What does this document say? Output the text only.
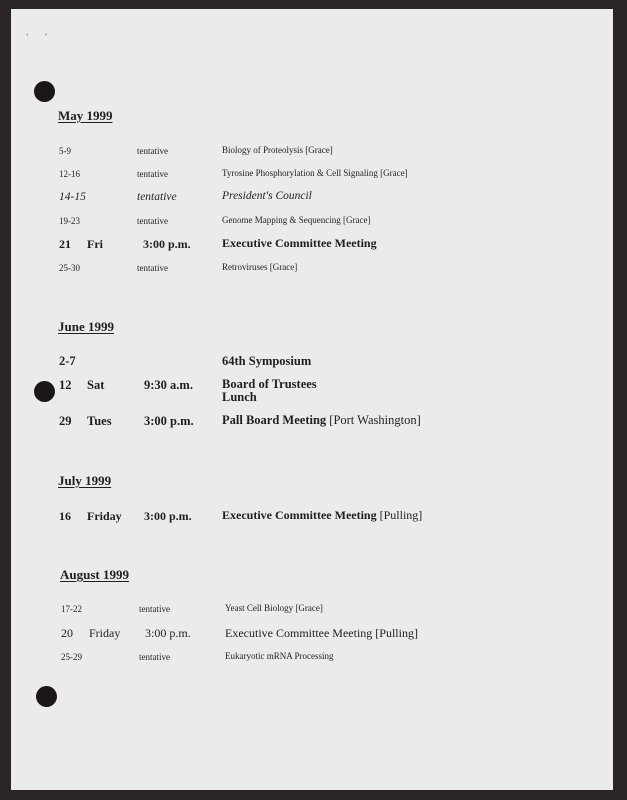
‘        ’
May 1999
5-9	tentative	Biology of Proteolysis [Grace]
12-16	tentative	Tyrosine Phosphorylation & Cell Signaling [Grace]
14-15	tentative	President's Council
19-23	tentative	Genome Mapping & Sequencing [Grace]
21 Fri	3:00 p.m.	Executive Committee Meeting
25-30	tentative	Retroviruses [Grace]
June 1999
2-7	64th Symposium
12 Sat	9:30 a.m. Board of Trustees
Lunch
29 Tues	3:00 p.m. Pall Board Meeting [Port Washington]
July 1999
16 Friday 3:00 p.m.	Executive Committee Meeting [Pulling]
August 1999
17-22	tentative	Yeast Cell Biology [Grace]
20 Friday 3:00 p.m.	Executive Committee Meeting [Pulling]
25-29	tentative	Eukaryotic mRNA Processing
